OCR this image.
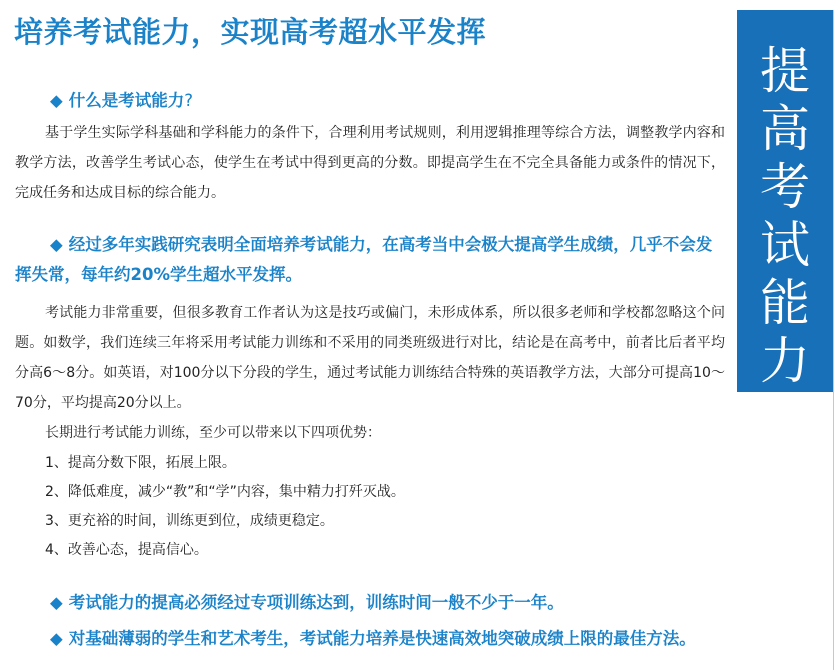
培养考试能力，实现高考超水平发挥
提
高
考
试
能
力
◆ 什么是考试能力?
基于学生实际学科基础和学科能力的条件下，合理利用考试规则，利用逻辑推理等综合方法，调整教学内容和教学方法，改善学生考试心态，使学生在考试中得到更高的分数。即提高学生在不完全具备能力或条件的情况下，完成任务和达成目标的综合能力。
◆ 经过多年实践研究表明全面培养考试能力，在高考当中会极大提高学生成绩，几乎不会发挥失常，每年约20%学生超水平发挥。
考试能力非常重要，但很多教育工作者认为这是技巧或偏门，未形成体系，所以很多老师和学校都忽略这个问题。如数学，我们连续三年将采用考试能力训练和不采用的同类班级进行对比，结论是在高考中，前者比后者平均分高6～8分。如英语，对100分以下分段的学生，通过考试能力训练结合特殊的英语教学方法，大部分可提高10～70分，平均提高20分以上。
长期进行考试能力训练，至少可以带来以下四项优势：
1、提高分数下限，拓展上限。
2、降低难度，减少“教”和“学”内容，集中精力打歼灭战。
3、更充裕的时间，训练更到位，成绩更稳定。
4、改善心态，提高信心。
◆ 考试能力的提高必须经过专项训练达到，训练时间一般不少于一年。
◆ 对基础薄弱的学生和艺术考生，考试能力培养是快速高效地突破成绩上限的最佳方法。
